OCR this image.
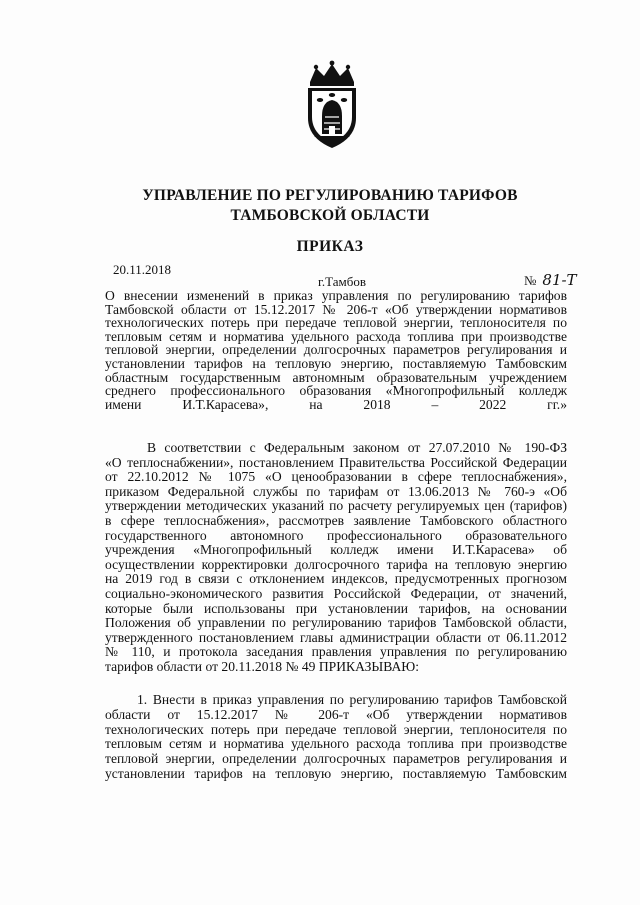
УПРАВЛЕНИЕ ПО РЕГУЛИРОВАНИЮ ТАРИФОВ
ТАМБОВСКОЙ ОБЛАСТИ
ПРИКАЗ
20.11.2018
г.Тамбов	№ 81-Т
О внесении изменений в приказ управления по регулированию тарифов
Тамбовской области от 15.12.2017 № 206-т «Об утверждении нормативов
технологических потерь при передаче тепловой энергии, теплоносителя по
тепловым сетям и норматива удельного расхода топлива при производстве
тепловой энергии, определении долгосрочных параметров регулирования и
установлении тарифов на тепловую энергию, поставляемую Тамбовским
областным государственным автономным образовательным учреждением
среднего профессионального образования «Многопрофильный колледж
имени И.Т.Карасева», на 2018 – 2022 гг.»
В соответствии с Федеральным законом от 27.07.2010 № 190-ФЗ
«О теплоснабжении», постановлением Правительства Российской Федерации
от 22.10.2012 № 1075 «О ценообразовании в сфере теплоснабжения»,
приказом Федеральной службы по тарифам от 13.06.2013 № 760-э «Об
утверждении методических указаний по расчету регулируемых цен (тарифов)
в сфере теплоснабжения», рассмотрев заявление Тамбовского областного
государственного автономного профессионального образовательного
учреждения «Многопрофильный колледж имени И.Т.Карасева» об
осуществлении корректировки долгосрочного тарифа на тепловую энергию
на 2019 год в связи с отклонением индексов, предусмотренных прогнозом
социально-экономического развития Российской Федерации, от значений,
которые были использованы при установлении тарифов, на основании
Положения об управлении по регулированию тарифов Тамбовской области,
утвержденного постановлением главы администрации области от 06.11.2012
№ 110, и протокола заседания правления управления по регулированию
тарифов области от 20.11.2018 № 49 ПРИКАЗЫВАЮ:
1. Внести в приказ управления по регулированию тарифов Тамбовской
области от 15.12.2017 № 206-т «Об утверждении нормативов
технологических потерь при передаче тепловой энергии, теплоносителя по
тепловым сетям и норматива удельного расхода топлива при производстве
тепловой энергии, определении долгосрочных параметров регулирования и
установлении тарифов на тепловую энергию, поставляемую Тамбовским
